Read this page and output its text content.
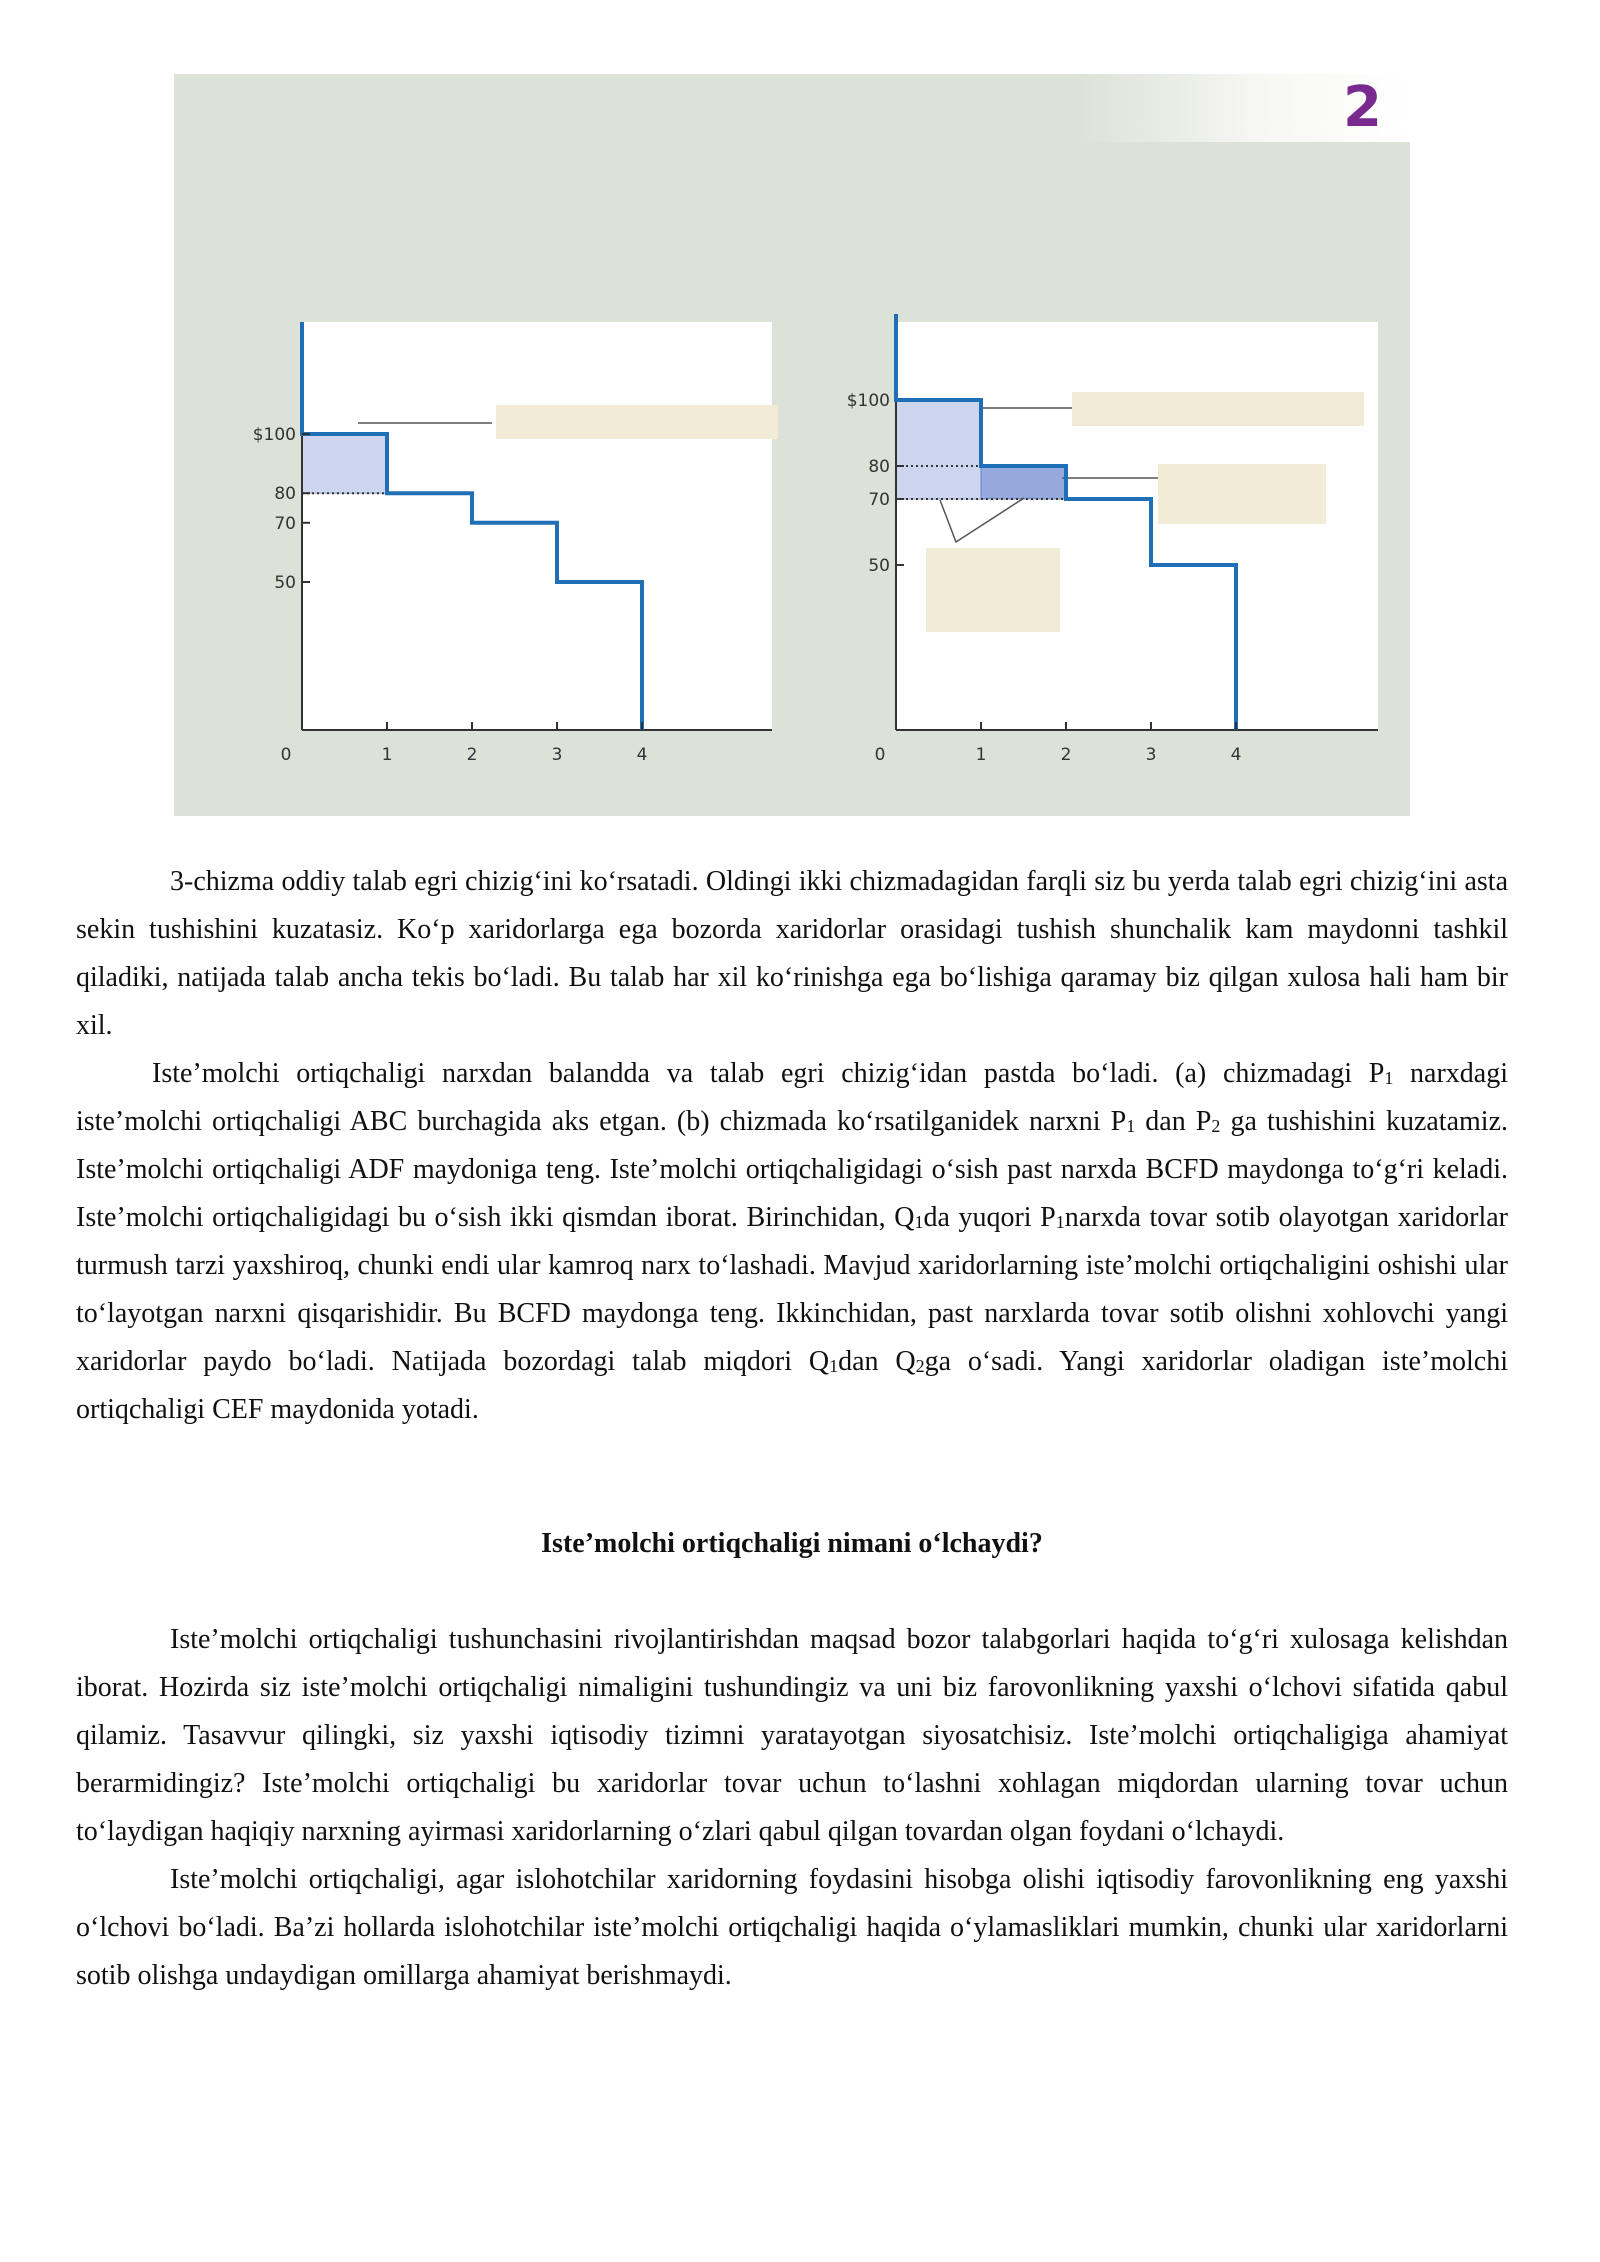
2
$100
80
70
50
0	1	2	3	4
$100
80
70
50
0	1	2	3	4

3-chizma oddiy talab egri chizig‘ini ko‘rsatadi. Oldingi ikki chizmadagidan farqli siz bu yerda talab egri chizig‘ini asta sekin tushishini kuzatasiz. Ko‘p xaridorlarga ega bozorda xaridorlar orasidagi tushish shunchalik kam maydonni tashkil qiladiki, natijada talab ancha tekis bo‘ladi. Bu talab har xil ko‘rinishga ega bo‘lishiga qaramay biz qilgan xulosa hali ham bir xil.

Iste’molchi ortiqchaligi narxdan balandda va talab egri chizig‘idan pastda bo‘ladi. (a) chizmadagi $P_1$ narxdagi iste’molchi ortiqchaligi ABC burchagida aks etgan. (b) chizmada ko‘rsatilganidek narxni $P_1$ dan $P_2$ ga tushishini kuzatamiz. Iste’molchi ortiqchaligi ADF maydoniga teng. Iste’molchi ortiqchaligidagi o‘sish past narxda BCFD maydonga to‘g‘ri keladi. Iste’molchi ortiqchaligidagi bu o‘sish ikki qismdan iborat. Birinchidan, $Q_1da$ yuqori $P_1narxda$ tovar sotib olayotgan xaridorlar turmush tarzi yaxshiroq, chunki endi ular kamroq narx to‘lashadi. Mavjud xaridorlarning iste’molchi ortiqchaligini oshishi ular to‘layotgan narxni qisqarishidir. Bu BCFD maydonga teng. Ikkinchidan, past narxlarda tovar sotib olishni xohlovchi yangi xaridorlar paydo bo‘ladi. Natijada bozordagi talab miqdori $Q_1dan$ $Q_2ga$ o‘sadi. Yangi xaridorlar oladigan iste’molchi ortiqchaligi CEF maydonida yotadi.

Iste’molchi ortiqchaligi nimani o‘lchaydi?

Iste’molchi ortiqchaligi tushunchasini rivojlantirishdan maqsad bozor talabgorlari haqida to‘g‘ri xulosaga kelishdan iborat. Hozirda siz iste’molchi ortiqchaligi nimaligini tushundingiz va uni biz farovonlikning yaxshi o‘lchovi sifatida qabul qilamiz. Tasavvur qilingki, siz yaxshi iqtisodiy tizimni yaratayotgan siyosatchisiz. Iste’molchi ortiqchaligiga ahamiyat berarmidingiz? Iste’molchi ortiqchaligi bu xaridorlar tovar uchun to‘lashni xohlagan miqdordan ularning tovar uchun to‘laydigan haqiqiy narxning ayirmasi xaridorlarning o‘zlari qabul qilgan tovardan olgan foydani o‘lchaydi.

Iste’molchi ortiqchaligi, agar islohotchilar xaridorning foydasini hisobga olishi iqtisodiy farovonlikning eng yaxshi o‘lchovi bo‘ladi. Ba’zi hollarda islohotchilar iste’molchi ortiqchaligi haqida o‘ylamasliklari mumkin, chunki ular xaridorlarni sotib olishga undaydigan omillarga ahamiyat berishmaydi.
